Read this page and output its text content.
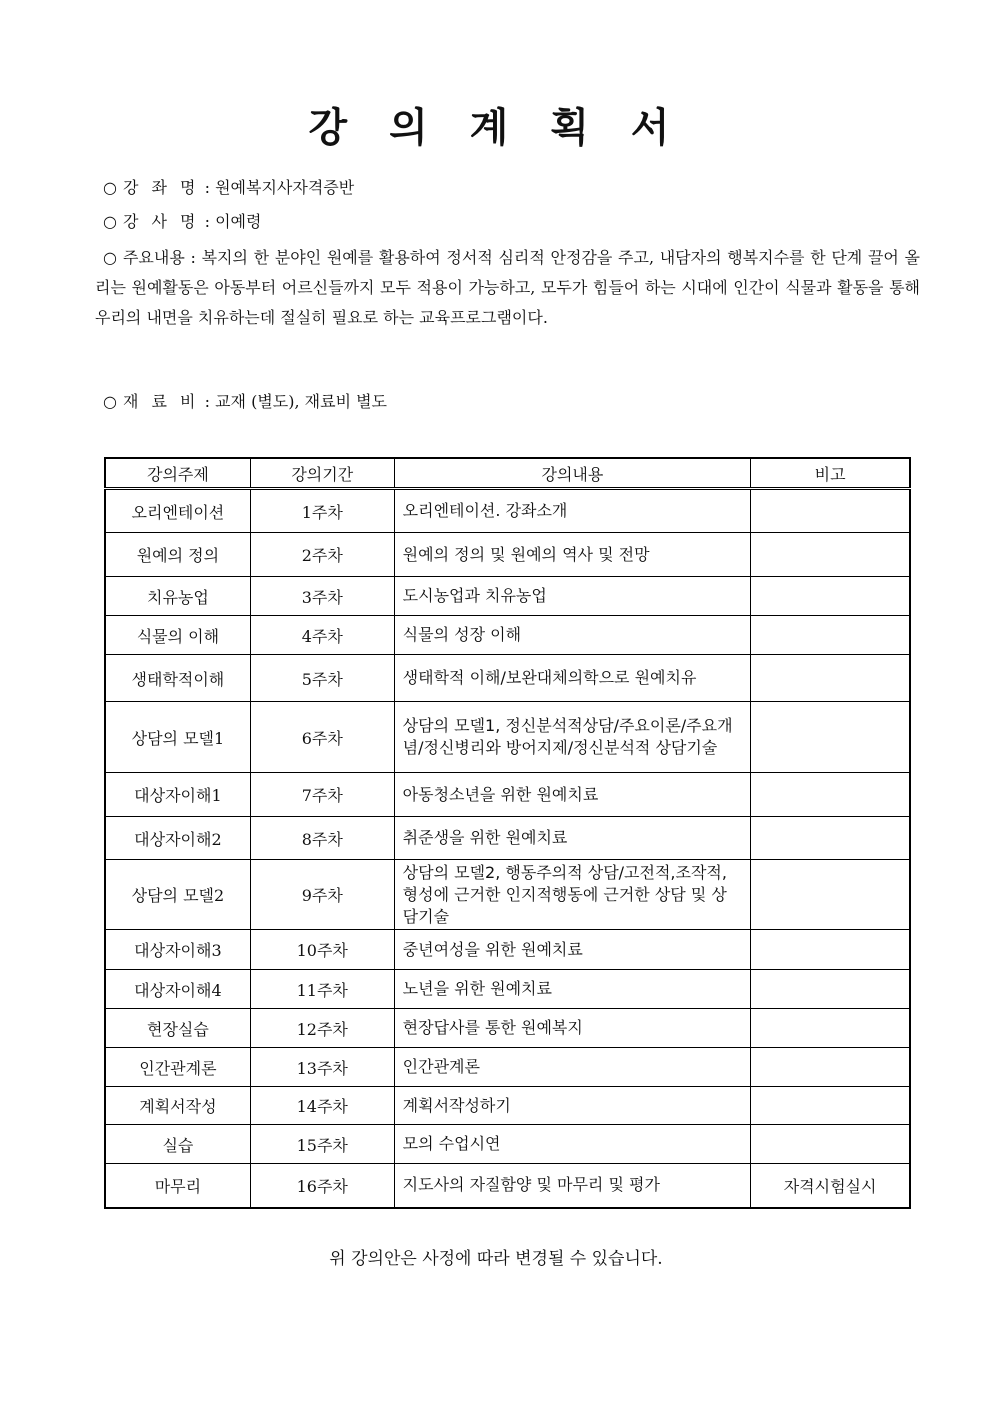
강 의 계 획 서
○ 강 좌 명 : 원예복지사자격증반
○ 강 사 명 : 이예령
○ 주요내용 : 복지의 한 분야인 원예를 활용하여 정서적 심리적 안정감을 주고, 내담자의 행복지수를 한 단계 끌어 올리는 원예활동은 아동부터 어르신들까지 모두 적용이 가능하고, 모두가 힘들어 하는 시대에 인간이 식물과 활동을 통해 우리의 내면을 치유하는데 절실히 필요로 하는 교육프로그램이다.
○ 재 료 비 : 교재 (별도), 재료비 별도
강의주제	강의기간	강의내용	비고
오리엔테이션	1주차	오리엔테이션. 강좌소개	
원예의 정의	2주차	원예의 정의 및 원예의 역사 및 전망	
치유농업	3주차	도시농업과 치유농업	
식물의 이해	4주차	식물의 성장 이해	
생태학적이해	5주차	생태학적 이해/보완대체의학으로 원예치유	
상담의 모델1	6주차	상담의 모델1, 정신분석적상담/주요이론/주요개념/정신병리와 방어지제/정신분석적 상담기술	
대상자이해1	7주차	아동청소년을 위한 원예치료	
대상자이해2	8주차	취준생을 위한 원예치료	
상담의 모델2	9주차	상담의 모델2, 행동주의적 상담/고전적,조작적, 형성에 근거한 인지적행동에 근거한 상담 및 상담기술	
대상자이해3	10주차	중년여성을 위한 원예치료	
대상자이해4	11주차	노년을 위한 원예치료	
현장실습	12주차	현장답사를 통한 원예복지	
인간관계론	13주차	인간관계론	
계획서작성	14주차	계획서작성하기	
실습	15주차	모의 수업시연	
마무리	16주차	지도사의 자질함양 및 마무리 및 평가	자격시험실시
위 강의안은 사정에 따라 변경될 수 있습니다.
